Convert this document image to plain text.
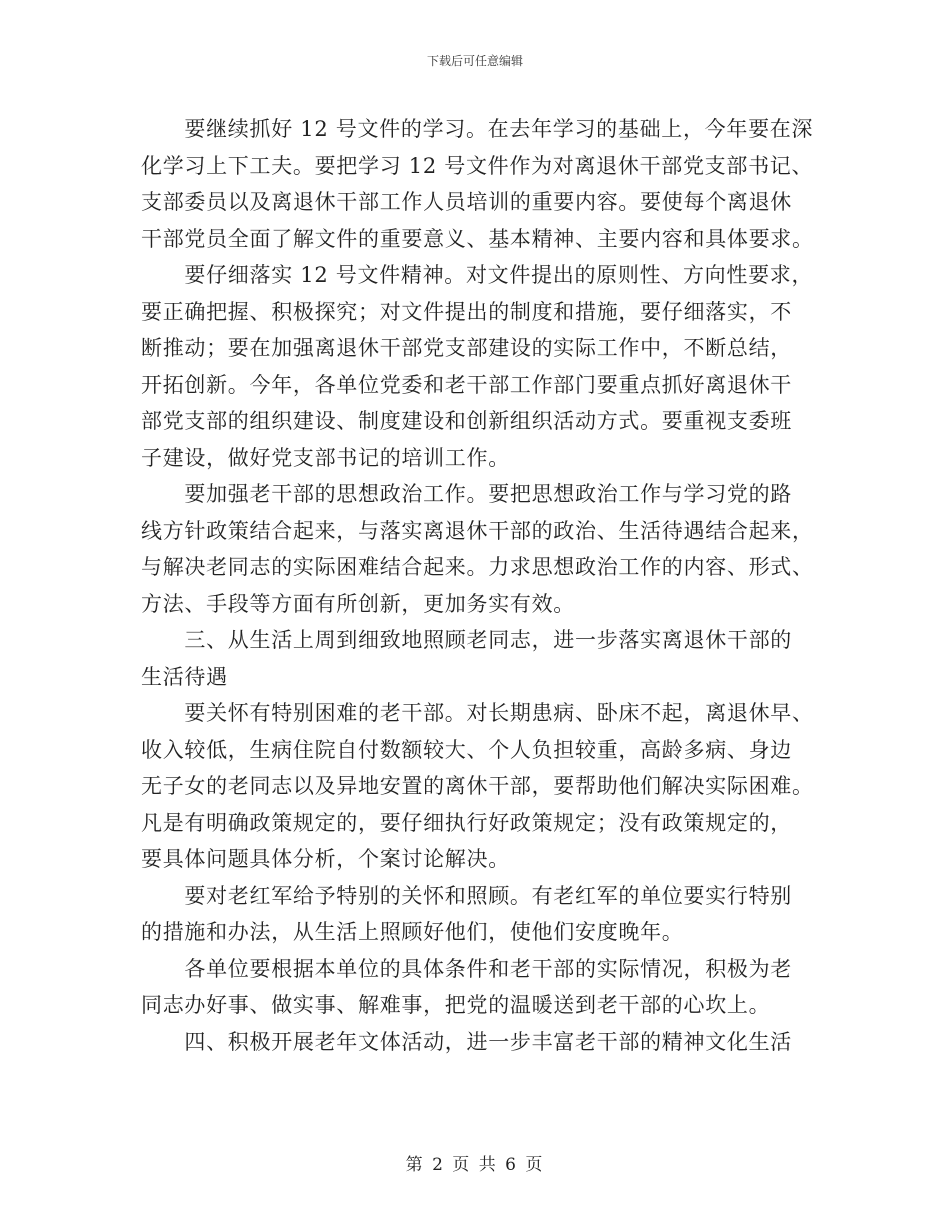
下载后可任意编辑
　　要继续抓好 12 号文件的学习。在去年学习的基础上，今年要在深
化学习上下工夫。要把学习 12 号文件作为对离退休干部党支部书记、
支部委员以及离退休干部工作人员培训的重要内容。要使每个离退休
干部党员全面了解文件的重要意义、基本精神、主要内容和具体要求。
　　要仔细落实 12 号文件精神。对文件提出的原则性、方向性要求，
要正确把握、积极探究；对文件提出的制度和措施，要仔细落实，不
断推动；要在加强离退休干部党支部建设的实际工作中，不断总结，
开拓创新。今年，各单位党委和老干部工作部门要重点抓好离退休干
部党支部的组织建设、制度建设和创新组织活动方式。要重视支委班
子建设，做好党支部书记的培训工作。
　　要加强老干部的思想政治工作。要把思想政治工作与学习党的路
线方针政策结合起来，与落实离退休干部的政治、生活待遇结合起来，
与解决老同志的实际困难结合起来。力求思想政治工作的内容、形式、
方法、手段等方面有所创新，更加务实有效。
　　三、从生活上周到细致地照顾老同志，进一步落实离退休干部的
生活待遇
　　要关怀有特别困难的老干部。对长期患病、卧床不起，离退休早、
收入较低，生病住院自付数额较大、个人负担较重，高龄多病、身边
无子女的老同志以及异地安置的离休干部，要帮助他们解决实际困难。
凡是有明确政策规定的，要仔细执行好政策规定；没有政策规定的，
要具体问题具体分析，个案讨论解决。
　　要对老红军给予特别的关怀和照顾。有老红军的单位要实行特别
的措施和办法，从生活上照顾好他们，使他们安度晚年。
　　各单位要根据本单位的具体条件和老干部的实际情况，积极为老
同志办好事、做实事、解难事，把党的温暖送到老干部的心坎上。
　　四、积极开展老年文体活动，进一步丰富老干部的精神文化生活
第 2 页 共 6 页
